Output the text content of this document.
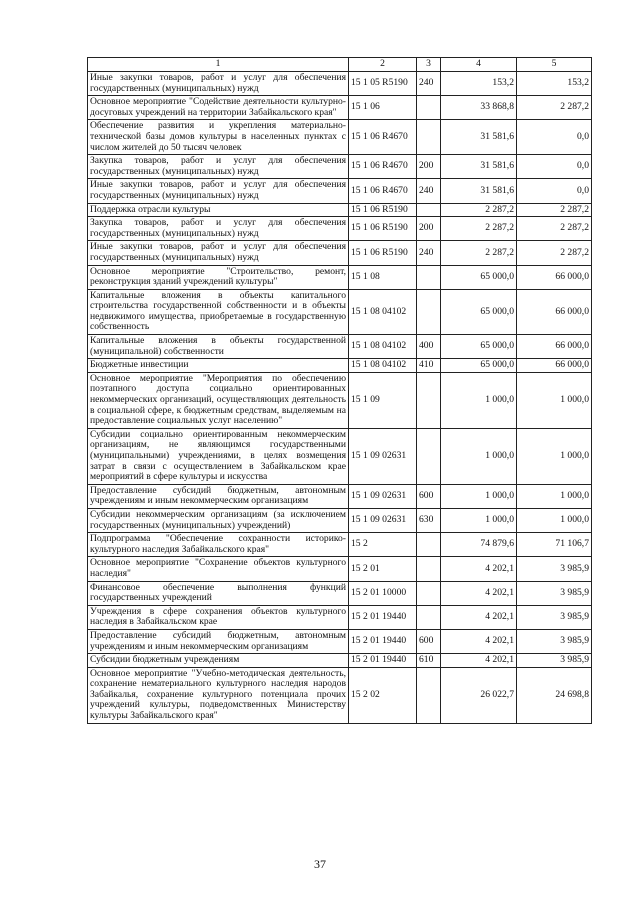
1	2	3	4	5
Иные закупки товаров, работ и услуг для обеспечения государственных (муниципальных) нужд	15 1 05 R5190	240	153,2	153,2
Основное мероприятие "Содействие деятельности культурно-досуговых учреждений на территории Забайкальского края"	15 1 06		33 868,8	2 287,2
Обеспечение развития и укрепления материально-технической базы домов культуры в населенных пунктах с числом жителей до 50 тысяч человек	15 1 06 R4670		31 581,6	0,0
Закупка товаров, работ и услуг для обеспечения государственных (муниципальных) нужд	15 1 06 R4670	200	31 581,6	0,0
Иные закупки товаров, работ и услуг для обеспечения государственных (муниципальных) нужд	15 1 06 R4670	240	31 581,6	0,0
Поддержка отрасли культуры	15 1 06 R5190		2 287,2	2 287,2
Закупка товаров, работ и услуг для обеспечения государственных (муниципальных) нужд	15 1 06 R5190	200	2 287,2	2 287,2
Иные закупки товаров, работ и услуг для обеспечения государственных (муниципальных) нужд	15 1 06 R5190	240	2 287,2	2 287,2
Основное мероприятие "Строительство, ремонт, реконструкция зданий учреждений культуры"	15 1 08		65 000,0	66 000,0
Капитальные вложения в объекты капитального строительства государственной собственности и в объекты недвижимого имущества, приобретаемые в государственную собственность	15 1 08 04102		65 000,0	66 000,0
Капитальные вложения в объекты государственной (муниципальной) собственности	15 1 08 04102	400	65 000,0	66 000,0
Бюджетные инвестиции	15 1 08 04102	410	65 000,0	66 000,0
Основное мероприятие "Мероприятия по обеспечению поэтапного доступа социально ориентированных некоммерческих организаций, осуществляющих деятельность в социальной сфере, к бюджетным средствам, выделяемым на предоставление социальных услуг населению"	15 1 09		1 000,0	1 000,0
Субсидии социально ориентированным некоммерческим организациям, не являющимся государственными (муниципальными) учреждениями, в целях возмещения затрат в связи с осуществлением в Забайкальском крае мероприятий в сфере культуры и искусства	15 1 09 02631		1 000,0	1 000,0
Предоставление субсидий бюджетным, автономным учреждениям и иным некоммерческим организациям	15 1 09 02631	600	1 000,0	1 000,0
Субсидии некоммерческим организациям (за исключением государственных (муниципальных) учреждений)	15 1 09 02631	630	1 000,0	1 000,0
Подпрограмма "Обеспечение сохранности историко-культурного наследия Забайкальского края"	15 2		74 879,6	71 106,7
Основное мероприятие "Сохранение объектов культурного наследия"	15 2 01		4 202,1	3 985,9
Финансовое обеспечение выполнения функций государственных учреждений	15 2 01 10000		4 202,1	3 985,9
Учреждения в сфере сохранения объектов культурного наследия в Забайкальском крае	15 2 01 19440		4 202,1	3 985,9
Предоставление субсидий бюджетным, автономным учреждениям и иным некоммерческим организациям	15 2 01 19440	600	4 202,1	3 985,9
Субсидии бюджетным учреждениям	15 2 01 19440	610	4 202,1	3 985,9
Основное мероприятие "Учебно-методическая деятельность, сохранение нематериального культурного наследия народов Забайкалья, сохранение культурного потенциала прочих учреждений культуры, подведомственных Министерству культуры Забайкальского края"	15 2 02		26 022,7	24 698,8
37
